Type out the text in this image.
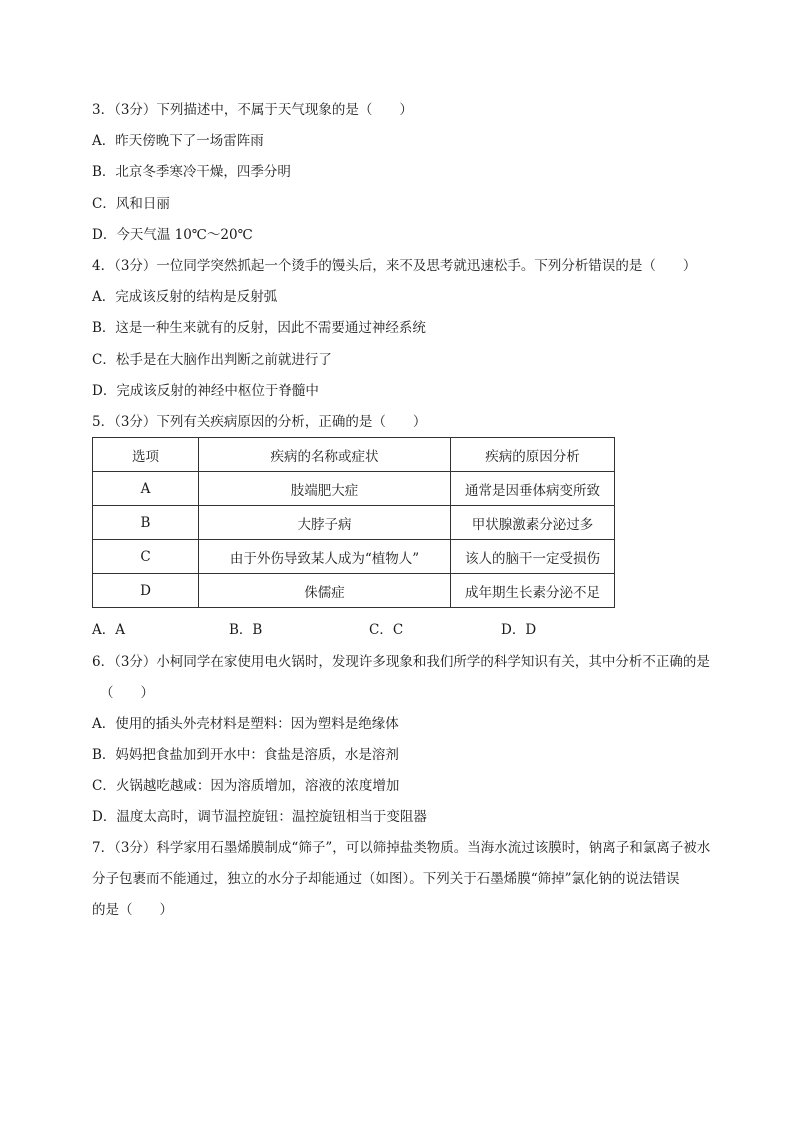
3．（3分）下列描述中，不属于天气现象的是（　　）
A．昨天傍晚下了一场雷阵雨
B．北京冬季寒冷干燥，四季分明
C．风和日丽
D．今天气温 10℃～20℃
4．（3分）一位同学突然抓起一个烫手的馒头后，来不及思考就迅速松手。下列分析错误的是（　　）
A．完成该反射的结构是反射弧
B．这是一种生来就有的反射，因此不需要通过神经系统
C．松手是在大脑作出判断之前就进行了
D．完成该反射的神经中枢位于脊髓中
5．（3分）下列有关疾病原因的分析，正确的是（　　）
选项	疾病的名称或症状	疾病的原因分析
A	肢端肥大症	通常是因垂体病变所致
B	大脖子病	甲状腺激素分泌过多
C	由于外伤导致某人成为“植物人”	该人的脑干一定受损伤
D	侏儒症	成年期生长素分泌不足
A．A	B．B	C．C	D．D
6．（3分）小柯同学在家使用电火锅时，发现许多现象和我们所学的科学知识有关，其中分析不正确的是
（　　）
A．使用的插头外壳材料是塑料：因为塑料是绝缘体
B．妈妈把食盐加到开水中：食盐是溶质，水是溶剂
C．火锅越吃越咸：因为溶质增加，溶液的浓度增加
D．温度太高时，调节温控旋钮：温控旋钮相当于变阻器
7．（3分）科学家用石墨烯膜制成“筛子”，可以筛掉盐类物质。当海水流过该膜时，钠离子和氯离子被水
分子包裹而不能通过，独立的水分子却能通过（如图）。下列关于石墨烯膜“筛掉”氯化钠的说法错误
的是（　　）
